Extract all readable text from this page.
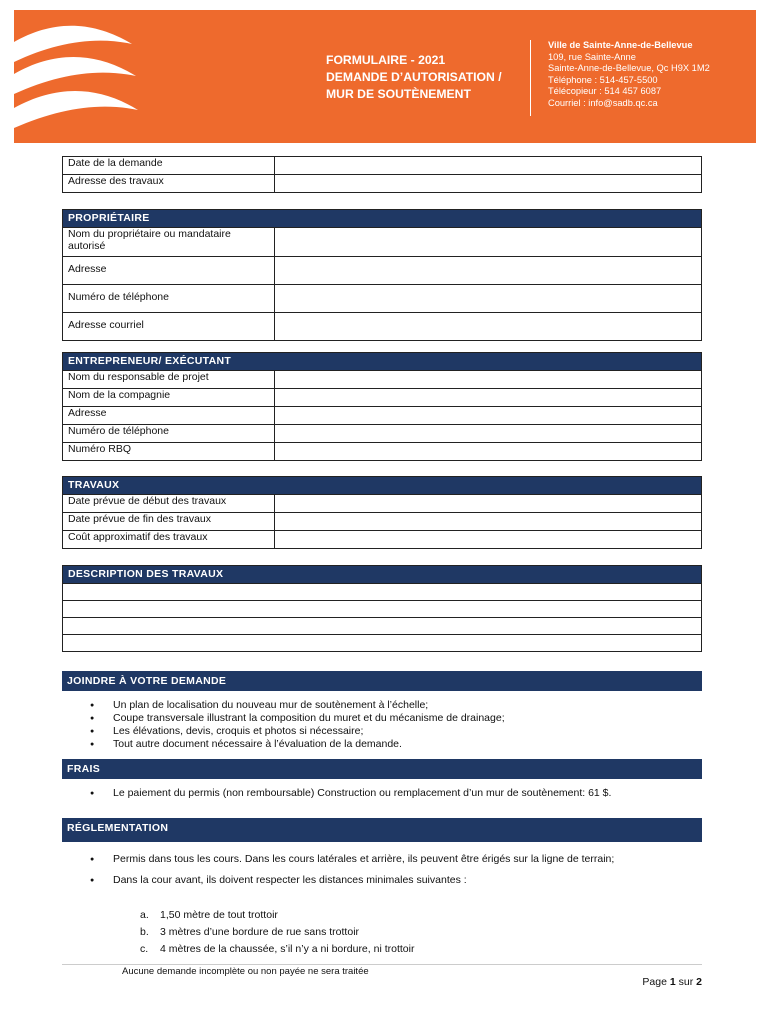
FORMULAIRE - 2021
DEMANDE D’AUTORISATION /
MUR DE SOUTÈNEMENT
Ville de Sainte-Anne-de-Bellevue
109, rue Sainte-Anne
Sainte-Anne-de-Bellevue, Qc H9X 1M2
Téléphone : 514-457-5500
Télécopieur : 514 457 6087
Courriel : info@sadb.qc.ca
Date de la demande	
Adresse des travaux	
PROPRIÉTAIRE	
Nom du propriétaire ou mandataire autorisé	
Adresse	
Numéro de téléphone	
Adresse courriel	
ENTREPRENEUR/ EXÉCUTANT	
Nom du responsable de projet	
Nom de la compagnie	
Adresse	
Numéro de téléphone	
Numéro RBQ	
TRAVAUX	
Date prévue de début des travaux	
Date prévue de fin des travaux	
Coût approximatif des travaux	
DESCRIPTION DES TRAVAUX

JOINDRE À VOTRE DEMANDE
● Un plan de localisation du nouveau mur de soutènement à l’échelle;
● Coupe transversale illustrant la composition du muret et du mécanisme de drainage;
● Les élévations, devis, croquis et photos si nécessaire;
● Tout autre document nécessaire à l’évaluation de la demande.
FRAIS
● Le paiement du permis (non remboursable) Construction ou remplacement d’un mur de soutènement: 61 $.
RÉGLEMENTATION
● Permis dans tous les cours. Dans les cours latérales et arrière, ils peuvent être érigés sur la ligne de terrain;
● Dans la cour avant, ils doivent respecter les distances minimales suivantes :
a. 1,50 mètre de tout trottoir
b. 3 mètres d’une bordure de rue sans trottoir
c. 4 mètres de la chaussée, s’il n’y a ni bordure, ni trottoir
Aucune demande incomplète ou non payée ne sera traitée
Page 1 sur 2
